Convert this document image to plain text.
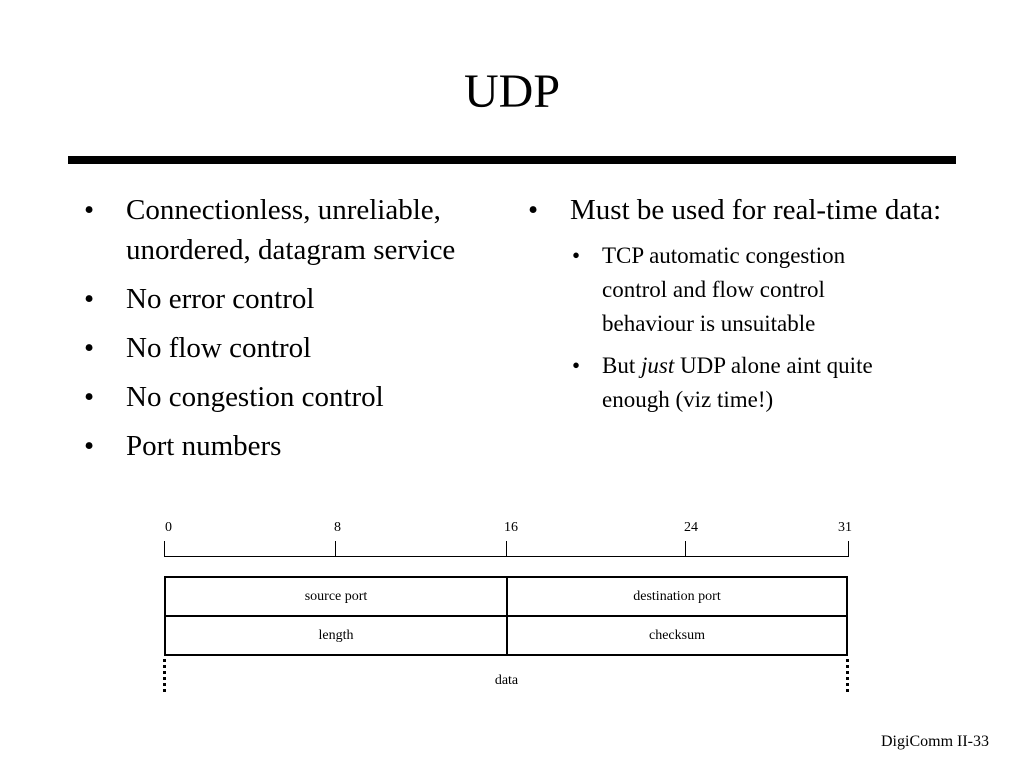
UDP
• Connectionless, unreliable, unordered, datagram service
• No error control
• No flow control
• No congestion control
• Port numbers
• Must be used for real-time data:
• TCP automatic congestion control and flow control behaviour is unsuitable
• But just UDP alone aint quite enough (viz time!)
0	8	16	24	31
source port	destination port
length	checksum
data
DigiComm II-33
